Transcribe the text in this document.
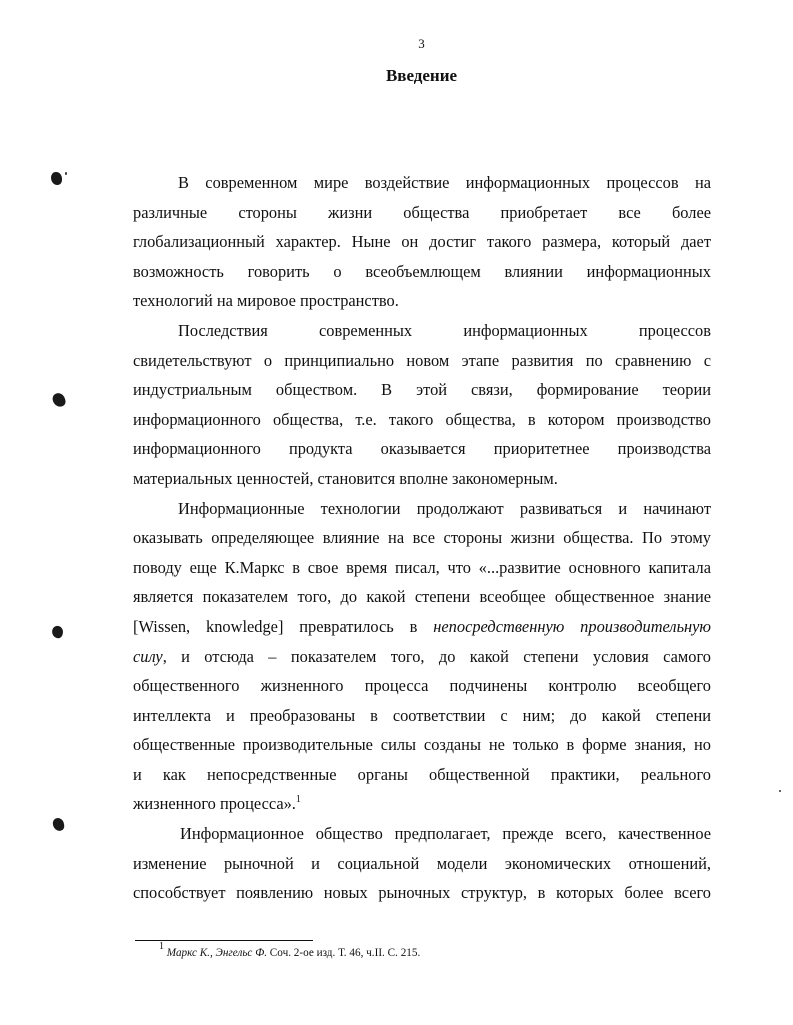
3
Введение
В современном мире воздействие информационных процессов на
различные стороны жизни общества приобретает все более
глобализационный характер. Ныне он достиг такого размера, который дает
возможность говорить о всеобъемлющем влиянии информационных
технологий на мировое пространство.
Последствия современных информационных процессов
свидетельствуют о принципиально новом этапе развития по сравнению с
индустриальным обществом. В этой связи, формирование теории
информационного общества, т.е. такого общества, в котором производство
информационного продукта оказывается приоритетнее производства
материальных ценностей, становится вполне закономерным.
Информационные технологии продолжают развиваться и начинают
оказывать определяющее влияние на все стороны жизни общества. По этому
поводу еще К.Маркс в свое время писал, что «...развитие основного капитала
является показателем того, до какой степени всеобщее общественное знание
[Wissen, knowledge] превратилось в непосредственную производительную
силу, и отсюда – показателем того, до какой степени условия самого
общественного жизненного процесса подчинены контролю всеобщего
интеллекта и преобразованы в соответствии с ним; до какой степени
общественные производительные силы созданы не только в форме знания, но
и как непосредственные органы общественной практики, реального
жизненного процесса».$^1$
Информационное общество предполагает, прежде всего, качественное
изменение рыночной и социальной модели экономических отношений,
способствует появлению новых рыночных структур, в которых более всего
$^1$ Маркс К., Энгельс Ф. Соч. 2-ое изд. Т. 46, ч.II. С. 215.
